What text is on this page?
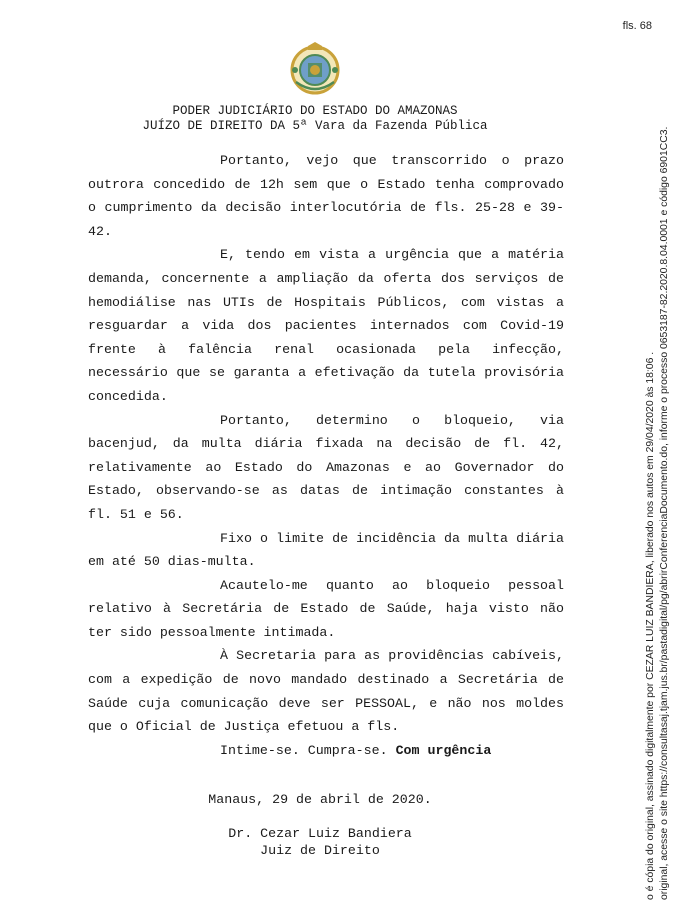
fls. 68
PODER JUDICIÁRIO DO ESTADO DO AMAZONAS
JUÍZO DE DIREITO DA 5ª Vara da Fazenda Pública

Portanto, vejo que transcorrido o prazo outrora concedido de 12h sem que o Estado tenha comprovado o cumprimento da decisão interlocutória de fls. 25-28 e 39-42.

E, tendo em vista a urgência que a matéria demanda, concernente a ampliação da oferta dos serviços de hemodiálise nas UTIs de Hospitais Públicos, com vistas a resguardar a vida dos pacientes internados com Covid-19 frente à falência renal ocasionada pela infecção, necessário que se garanta a efetivação da tutela provisória concedida.

Portanto, determino o bloqueio, via bacenjud, da multa diária fixada na decisão de fl. 42, relativamente ao Estado do Amazonas e ao Governador do Estado, observando-se as datas de intimação constantes à fl. 51 e 56.

Fixo o limite de incidência da multa diária em até 50 dias-multa.

Acautelo-me quanto ao bloqueio pessoal relativo à Secretária de Estado de Saúde, haja visto não ter sido pessoalmente intimada.

À Secretaria para as providências cabíveis, com a expedição de novo mandado destinado a Secretária de Saúde cuja comunicação deve ser PESSOAL, e não nos moldes que o Oficial de Justiça efetuou a fls.

Intime-se. Cumpra-se. Com urgência

Manaus, 29 de abril de 2020.
Dr. Cezar Luiz Bandiera
Juiz de Direito	o é cópia do original, assinado digitalmente por CEZAR LUIZ BANDIERA, liberado nos autos em 29/04/2020 às 18:06 . original, acesse o site https://consultasaj.tjam.jus.br/pastadigital/pg/abrirConferenciaDocumento.do, informe o processo 0653187-82.2020.8.04.0001 e código 6901CC3.
